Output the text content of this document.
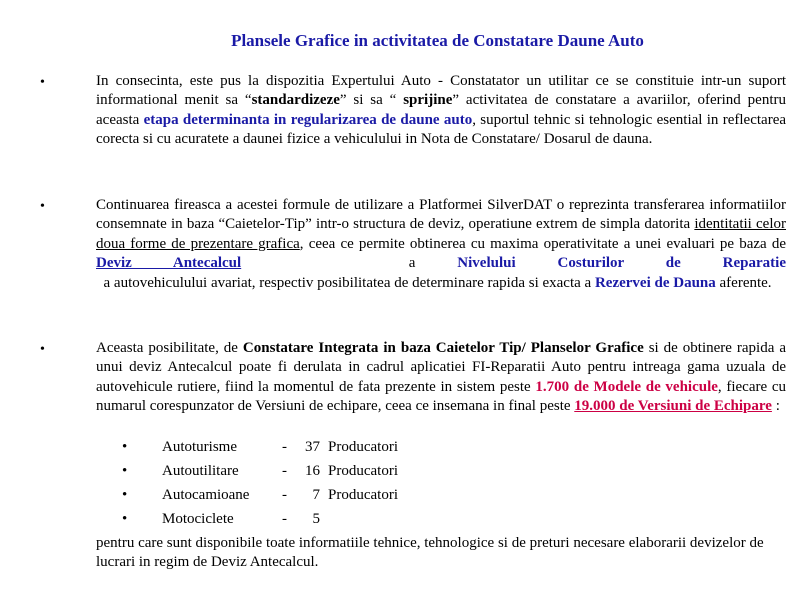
Plansele Grafice in activitatea de Constatare Daune Auto
•	In consecinta, este pus la dispozitia Expertului Auto - Constatator un utilitar ce se constituie intr-un suport informational menit sa “standardizeze” si sa “ sprijine” activitatea de constatare a avariilor, oferind pentru aceasta etapa determinanta in regularizarea de daune auto, suportul tehnic si tehnologic esential in reflectarea corecta si cu acuratete a daunei fizice a vehiculului in Nota de Constatare/ Dosarul de dauna.
•	Continuarea fireasca a acestei formule de utilizare a Platformei SilverDAT o reprezinta transferarea informatiilor consemnate in baza “Caietelor-Tip” intr-o structura de deviz, operatiune extrem de simpla datorita identitatii celor doua forme de prezentare grafica, ceea ce permite obtinerea cu maxima operativitate a unei evaluari pe baza de Deviz Antecalcul    a Nivelului Costurilor de Reparatie  a autovehiculului avariat, respectiv posibilitatea de determinare rapida si exacta a Rezervei de Dauna aferente.
•	Aceasta posibilitate, de Constatare Integrata in baza Caietelor Tip/ Planselor Grafice si de obtinere rapida a unui deviz Antecalcul poate fi derulata in cadrul aplicatiei FI-Reparatii Auto pentru intreaga gama uzuala de autovehicule rutiere, fiind la momentul de fata prezente in sistem peste 1.700 de Modele de vehicule, fiecare cu numarul corespunzator de Versiuni de echipare, ceea ce insemana in final peste 19.000 de Versiuni de Echipare :
• Autoturisme	-	37 Producatori
• Autoutilitare	-	16 Producatori
• Autocamioane -	7 Producatori
• Motociclete	-	5
pentru care sunt disponibile toate informatiile tehnice, tehnologice si de preturi necesare elaborarii devizelor de lucrari in regim de Deviz Antecalcul.
